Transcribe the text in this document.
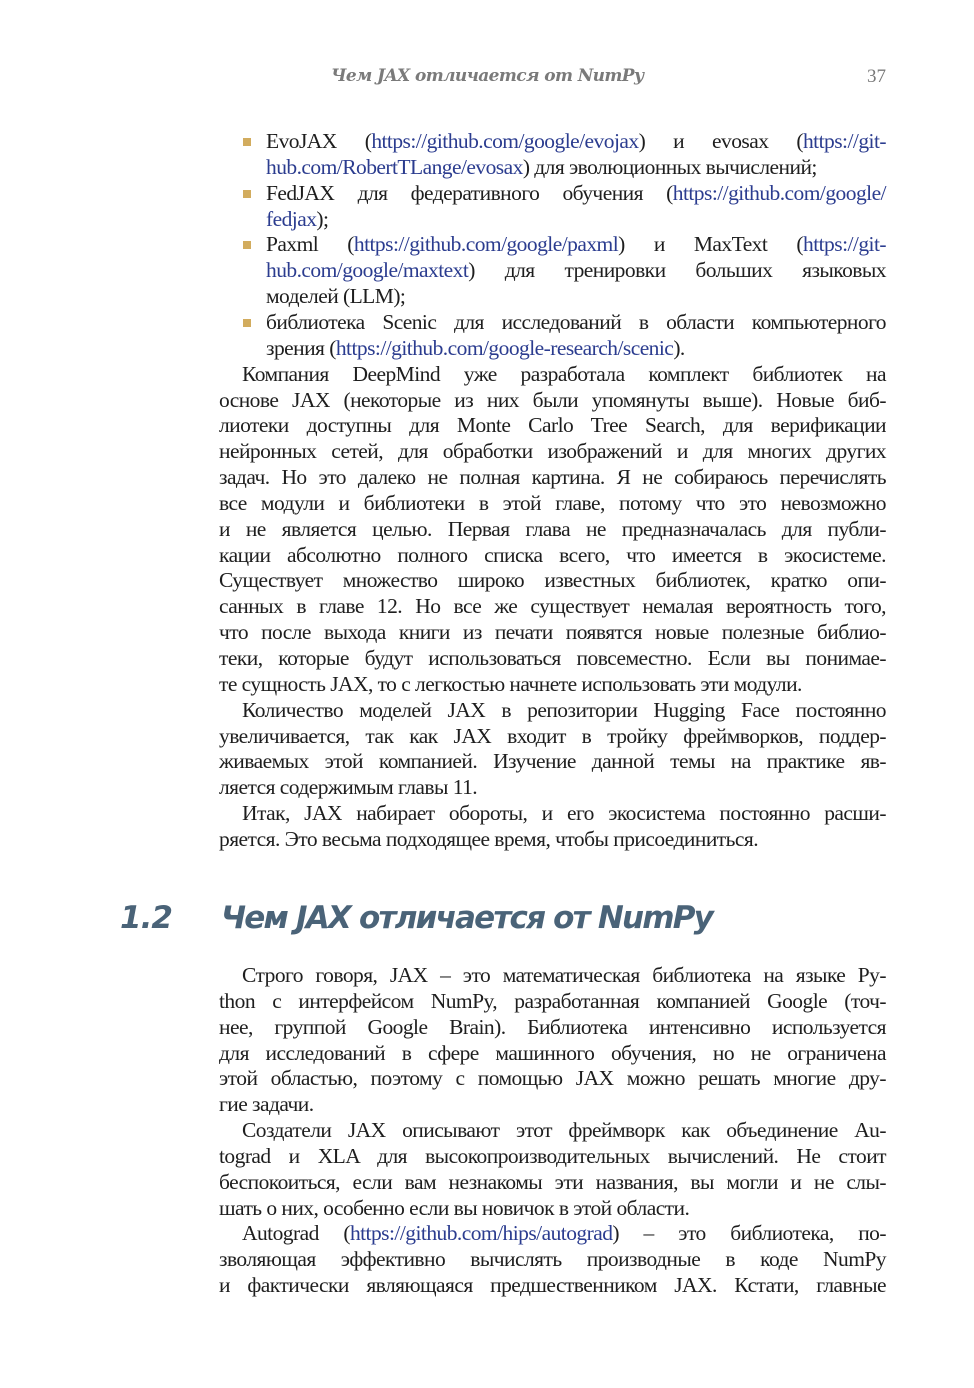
Чем JAX отличается от NumPy	37
EvoJAX (https://github.com/google/evojax) и evosax (https://git-
hub.com/RobertTLange/evosax) для эволюционных вычислений;
FedJAX для федеративного обучения (https://github.com/google/
fedjax);
Paxml (https://github.com/google/paxml) и MaxText (https://git-
hub.com/google/maxtext) для тренировки больших языковых
моделей (LLM);
библиотека Scenic для исследований в области компьютерного
зрения (https://github.com/google-research/scenic).
Компания DeepMind уже разработала комплект библиотек на
основе JAX (некоторые из них были упомянуты выше). Новые биб-
лиотеки доступны для Monte Carlo Tree Search, для верификации
нейронных сетей, для обработки изображений и для многих других
задач. Но это далеко не полная картина. Я не собираюсь перечислять
все модули и библиотеки в этой главе, потому что это невозможно
и не является целью. Первая глава не предназначалась для публи-
кации абсолютно полного списка всего, что имеется в экосистеме.
Существует множество широко известных библиотек, кратко опи-
санных в главе 12. Но все же существует немалая вероятность того,
что после выхода книги из печати появятся новые полезные библио-
теки, которые будут использоваться повсеместно. Если вы понимае-
те сущность JAX, то с легкостью начнете использовать эти модули.
Количество моделей JAX в репозитории Hugging Face постоянно
увеличивается, так как JAX входит в тройку фреймворков, поддер-
живаемых этой компанией. Изучение данной темы на практике яв-
ляется содержимым главы 11.
Итак, JAX набирает обороты, и его экосистема постоянно расши-
ряется. Это весьма подходящее время, чтобы присоединиться.
Строго говоря, JAX – это математическая библиотека на языке Py-
thon с интерфейсом NumPy, разработанная компанией Google (точ-
нее, группой Google Brain). Библиотека интенсивно используется
для исследований в сфере машинного обучения, но не ограничена
этой областью, поэтому с помощью JAX можно решать многие дру-
гие задачи.
Создатели JAX описывают этот фреймворк как объединение Au-
tograd и XLA для высокопроизводительных вычислений. Не стоит
беспокоиться, если вам незнакомы эти названия, вы могли и не слы-
шать о них, особенно если вы новичок в этой области.
Autograd (https://github.com/hips/autograd) – это библиотека, по-
зволяющая эффективно вычислять производные в коде NumPy
и фактически являющаяся предшественником JAX. Кстати, главные
1.2 Чем JAX отличается от NumPy
